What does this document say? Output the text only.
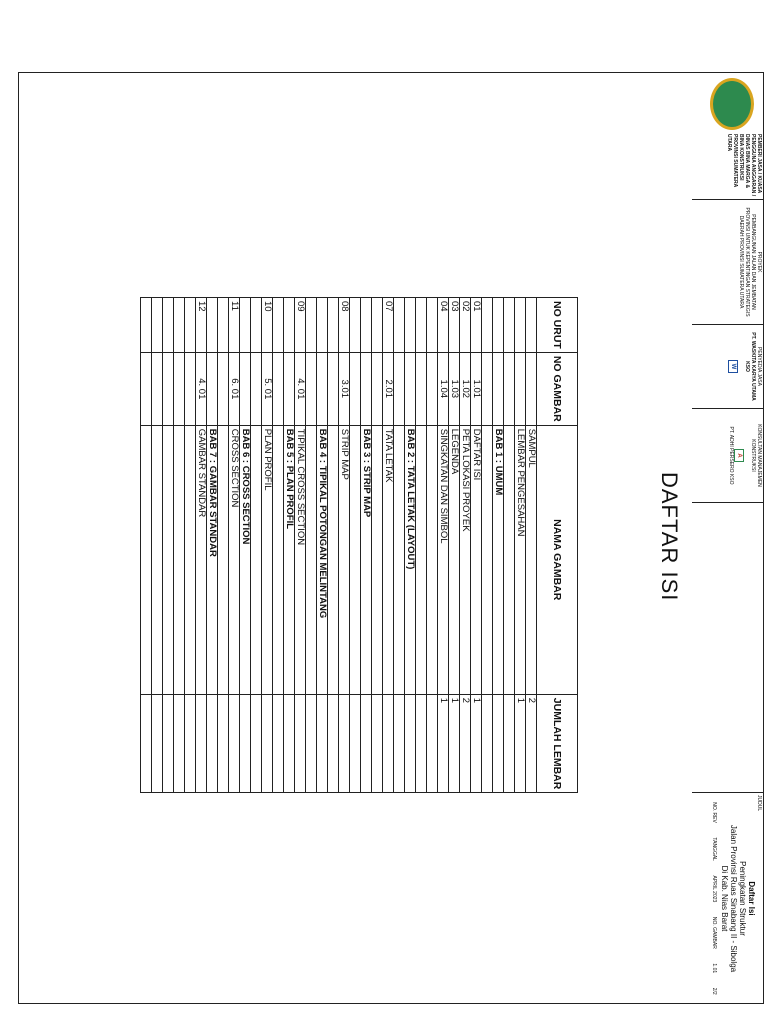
DAFTAR ISI
NO URUT	NO GAMBAR	NAMA GAMBAR	JUMLAH LEMBAR
		SAMPUL	2
		LEMBAR PENGESAHAN	1

		BAB 1 : UMUM	

01	1.01	DAFTAR ISI	1
02	1.02	PETA LOKASI PROYEK	2
03	1.03	LEGENDA	1
04	1.04	SINGKATAN DAN SIMBOL	1

		BAB 2 : TATA LETAK (LAYOUT)	

07	2.01	TATA LETAK	

		BAB 3 : STRIP MAP	

08	3.01	STRIP MAP	

		BAB 4 : TIPIKAL POTONGAN MELINTANG	

09	4. 01	TIPIKAL CROSS SECTION	
		BAB 5 : PLAN PROFIL	

10	5. 01	PLAN PROFIL	

		BAB 6 : CROSS SECTION	
11	6. 01	CROSS SECTION	

		BAB 7 : GAMBAR STANDAR	
12	4. 01	GAMBAR STANDAR	

PEMBERI JASA / KUASA PENGGUNA ANGGARAN / DINAS BINA MARGA & BINA KONSTRUKSI PROVINSI SUMATERA UTARA
PROYEK
PEMBANGUNAN JALAN DAN JEMBATAN PROVINSI UNTUK KEPENTINGAN STRATEGIS DAERAH PROVINSI SUMATERA UTARA
PENYEDIA JASA
PT. WASKITA KARYA UTAMA KSO
W
KONSULTAN MANAJEMEN KONSTRUKSI
A
PT. ADHI PERSERO KSO
JUDUL
Daftar Isi
Peningkatan Struktur
Jalan Provinsi Ruas Sinabang II - Sibolga
Di Kab. Nias Barat
NO. REV
TANGGAL
APRIL 2023
NO. GAMBAR
1.01
2/2
